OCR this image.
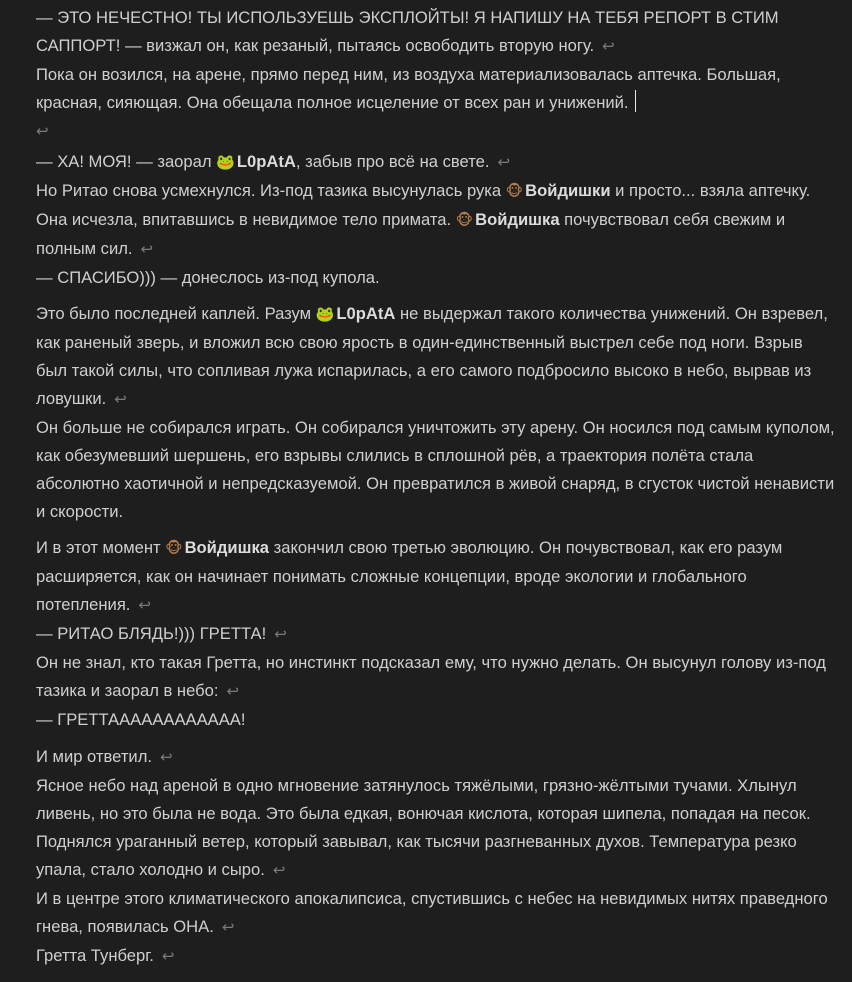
— ЭТО НЕЧЕСТНО! ТЫ ИСПОЛЬЗУЕШЬ ЭКСПЛОЙТЫ! Я НАПИШУ НА ТЕБЯ РЕПОРТ В СТИМ САППОРТ! — визжал он, как резаный, пытаясь освободить вторую ногу. ↩

Пока он возился, на арене, прямо перед ним, из воздуха материализовалась аптечка. Большая, красная, сияющая. Она обещала полное исцеление от всех ран и унижений.
↩

— ХА! МОЯ! — заорал 🐸 L0pAtA, забыв про всё на свете. ↩

Но Ритао снова усмехнулся. Из-под тазика высунулась рука 🐵 Войдишки и просто... взяла аптечку. Она исчезла, впитавшись в невидимое тело примата. 🐵 Войдишка почувствовал себя свежим и полным сил. ↩

— СПАСИБО))) — донеслось из-под купола.

Это было последней каплей. Разум 🐸 L0pAtA не выдержал такого количества унижений. Он взревел, как раненый зверь, и вложил всю свою ярость в один-единственный выстрел себе под ноги. Взрыв был такой силы, что сопливая лужа испарилась, а его самого подбросило высоко в небо, вырвав из ловушки. ↩

Он больше не собирался играть. Он собирался уничтожить эту арену. Он носился под самым куполом, как обезумевший шершень, его взрывы слились в сплошной рёв, а траектория полёта стала абсолютно хаотичной и непредсказуемой. Он превратился в живой снаряд, в сгусток чистой ненависти и скорости.

И в этот момент 🐵 Войдишка закончил свою третью эволюцию. Он почувствовал, как его разум расширяется, как он начинает понимать сложные концепции, вроде экологии и глобального потепления. ↩

— РИТАО БЛЯДЬ!))) ГРЕТТА! ↩

Он не знал, кто такая Гретта, но инстинкт подсказал ему, что нужно делать. Он высунул голову из-под тазика и заорал в небо: ↩

— ГРЕТТАААААААААААА!

И мир ответил. ↩

Ясное небо над ареной в одно мгновение затянулось тяжёлыми, грязно-жёлтыми тучами. Хлынул ливень, но это была не вода. Это была едкая, вонючая кислота, которая шипела, попадая на песок. Поднялся ураганный ветер, который завывал, как тысячи разгневанных духов. Температура резко упала, стало холодно и сыро. ↩

И в центре этого климатического апокалипсиса, спустившись с небес на невидимых нитях праведного гнева, появилась ОНА. ↩

Гретта Тунберг. ↩
